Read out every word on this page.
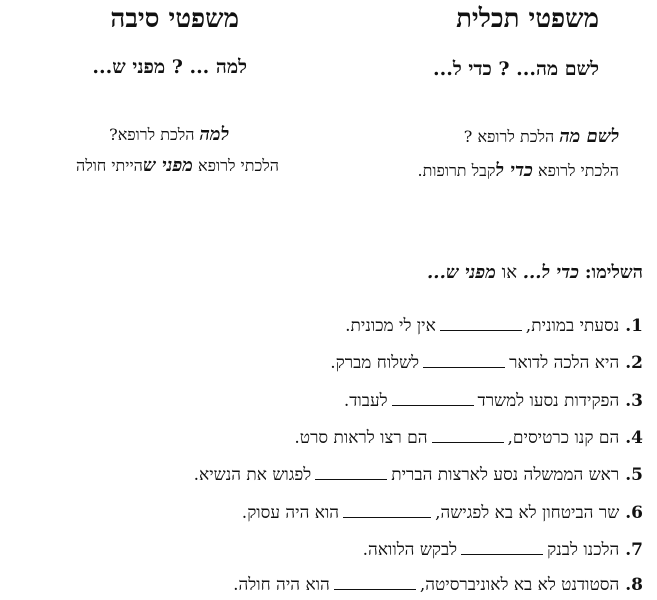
משפטי תכלית
משפטי סיבה
לשם מה... ? כדי ל...
למה ... ? מפני ש...
לשם מה הלכת לרופא ?
הלכתי לרופא כדי לקבל תרופות.
למה הלכת לרופא?
הלכתי לרופא מפני שהייתי חולה
השלימו: כדי ל... או מפני ש...
1.נסעתי במונית,אין לי מכונית.
2.היא הלכה לדוארלשלוח מברק.
3.הפקידות נסעו למשרדלעבוד.
4.הם קנו כרטיסים,הם רצו לראות סרט.
5.ראש הממשלה נסע לארצות הבריתלפגוש את הנשיא.
6.שר הביטחון לא בא לפגישה,הוא היה עסוק.
7.הלכנו לבנקלבקש הלוואה.
8.הסטודנט לא בא לאוניברסיטה,הוא היה חולה.
